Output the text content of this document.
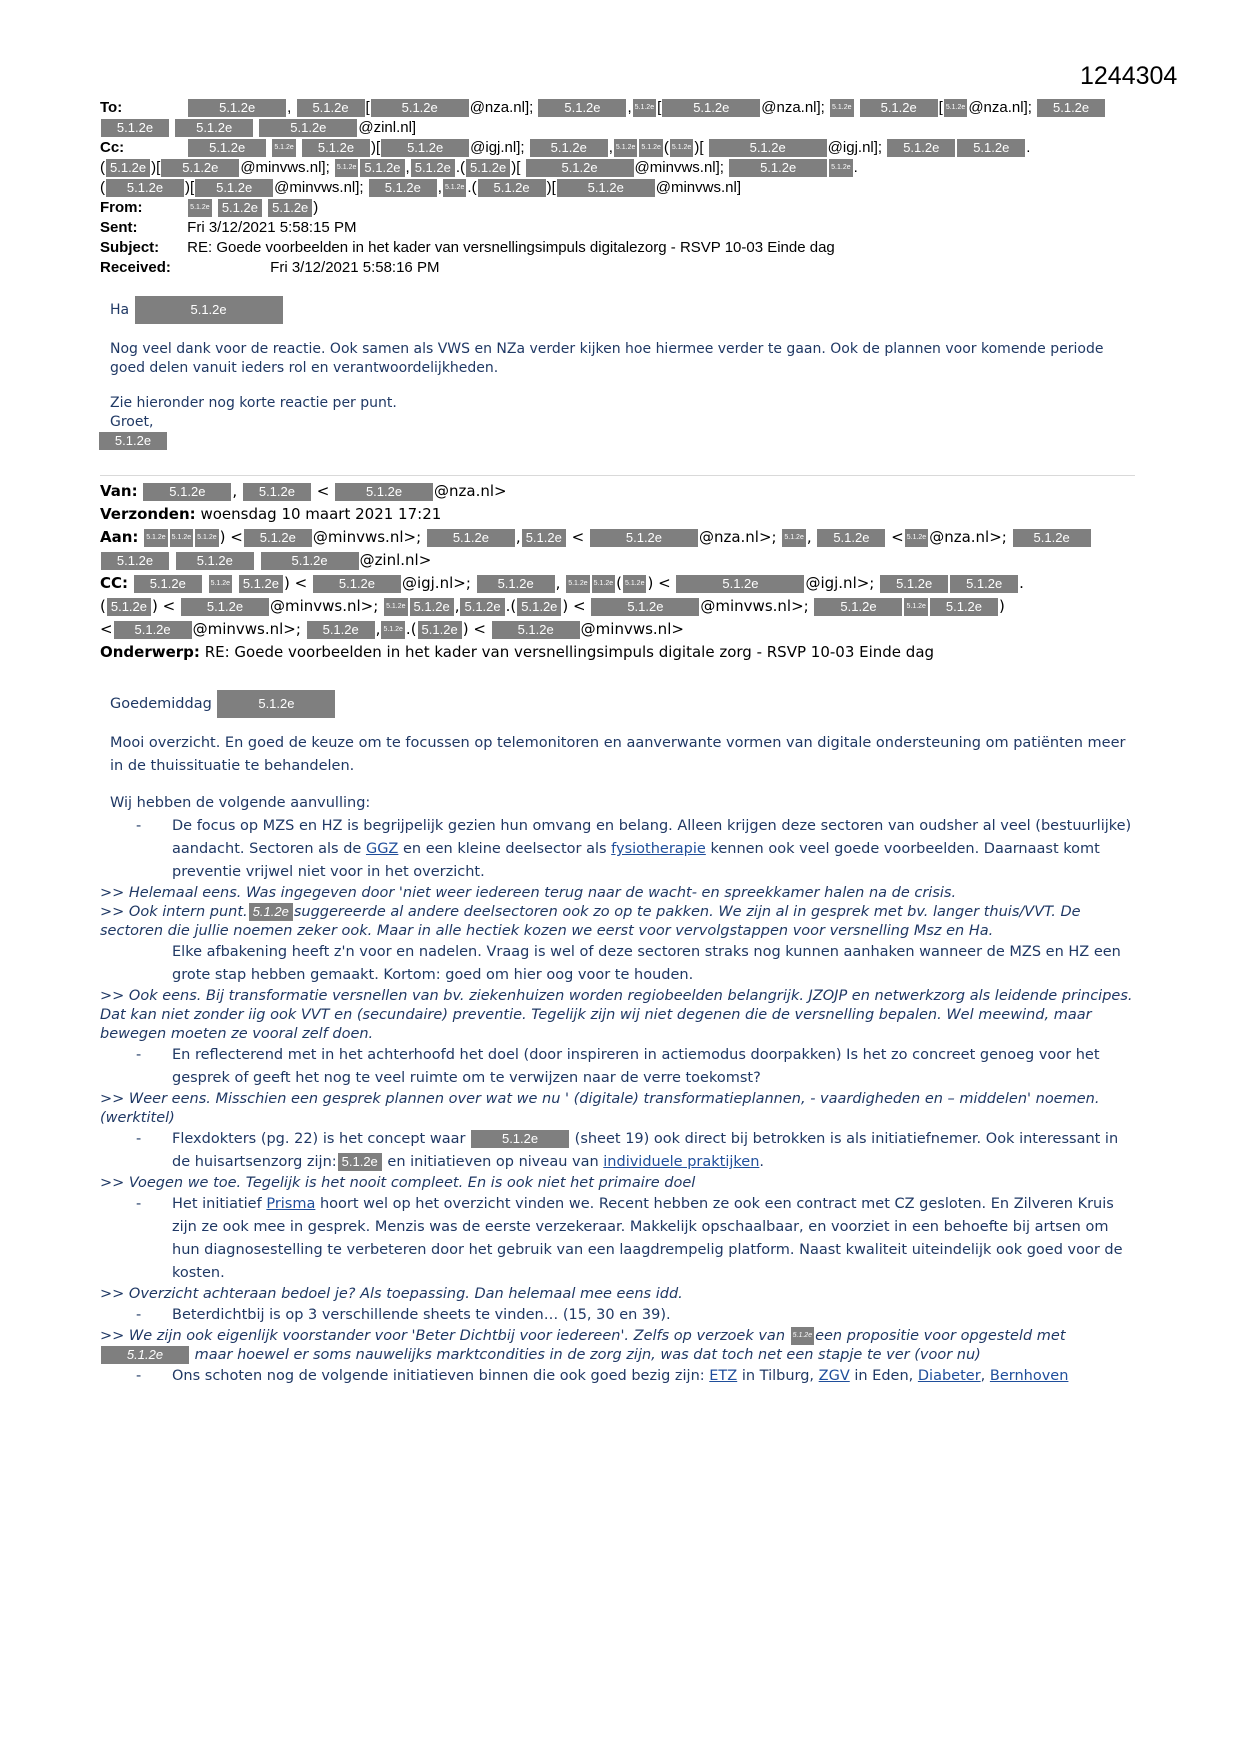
1244304
To:	5.1.2e , 5.1.2e [ 5.1.2e @nza.nl]; 5.1.2e , 5.1.2e [ 5.1.2e @nza.nl]; 5.1.2e 5.1.2e [ 5.1.2e @nza.nl]; 5.1.2e
5.1.2e	5.1.2e	5.1.2e @zinl.nl]
Cc:	5.1.2e	5.1.2e 5.1.2e )[ 5.1.2e @igj.nl]; 5.1.2e , 5.1.2e 5.1.2e ( 5.1.2e )[	5.1.2e	@igj.nl]; 5.1.2e	5.1.2e .
( 5.1.2e )[ 5.1.2e @minvws.nl]; 5.1.2e 5.1.2e , 5.1.2e .( 5.1.2e )[	5.1.2e @minvws.nl];	5.1.2e	5.1.2e .
( 5.1.2e )[ 5.1.2e @minvws.nl]; 5.1.2e , 5.1.2e .( 5.1.2e )[ 5.1.2e @minvws.nl]
From:	5.1.2e 5.1.2e 5.1.2e )
Sent:	Fri 3/12/2021 5:58:15 PM
Subject: RE: Goede voorbeelden in het kader van versnellingsimpuls digitalezorg - RSVP 10-03 Einde dag
Received:	Fri 3/12/2021 5:58:16 PM

Ha	5.1.2e

Nog veel dank voor de reactie. Ook samen als VWS en NZa verder kijken hoe hiermee verder te gaan. Ook de plannen voor komende periode goed delen vanuit ieders rol en verantwoordelijkheden.

Zie hieronder nog korte reactie per punt.

Groet,
5.1.2e
Van: 5.1.2e , 5.1.2e < 5.1.2e @nza.nl>
Verzonden: woensdag 10 maart 2021 17:21
Aan: 5.1.2e 5.1.2e 5.1.2e ) < 5.1.2e @minvws.nl>; 5.1.2e , 5.1.2e <	5.1.2e @nza.nl>; 5.1.2e , 5.1.2e < 5.1.2e @nza.nl>; 5.1.2e
5.1.2e	5.1.2e	5.1.2e @zinl.nl>
CC: 5.1.2e	5.1.2e 5.1.2e ) < 5.1.2e @igj.nl>; 5.1.2e , 5.1.2e 5.1.2e ( 5.1.2e ) <	5.1.2e	@igj.nl>; 5.1.2e	5.1.2e .
( 5.1.2e ) < 5.1.2e @minvws.nl>; 5.1.2e 5.1.2e , 5.1.2e .( 5.1.2e ) <	5.1.2e @minvws.nl>; 5.1.2e	5.1.2e 5.1.2e )
< 5.1.2e @minvws.nl>; 5.1.2e , 5.1.2e .( 5.1.2e ) < 5.1.2e @minvws.nl>
Onderwerp: RE: Goede voorbeelden in het kader van versnellingsimpuls digitale zorg - RSVP 10-03 Einde dag
Goedemiddag	5.1.2e
Mooi overzicht. En goed de keuze om te focussen op telemonitoren en aanverwante vormen van digitale ondersteuning om patiënten meer in de thuissituatie te behandelen.
Wij hebben de volgende aanvulling:
- De focus op MZS en HZ is begrijpelijk gezien hun omvang en belang. Alleen krijgen deze sectoren van oudsher al veel (bestuurlijke) aandacht. Sectoren als de GGZ en een kleine deelsector als fysiotherapie kennen ook veel goede voorbeelden. Daarnaast komt preventie vrijwel niet voor in het overzicht.
>> Helemaal eens. Was ingegeven door 'niet weer iedereen terug naar de wacht- en spreekkamer halen na de crisis.
>> Ook intern punt. 5.1.2e suggereerde al andere deelsectoren ook zo op te pakken. We zijn al in gesprek met bv. langer thuis/VVT. De sectoren die jullie noemen zeker ook. Maar in alle hectiek kozen we eerst voor vervolgstappen voor versnelling Msz en Ha.
Elke afbakening heeft z'n voor en nadelen. Vraag is wel of deze sectoren straks nog kunnen aanhaken wanneer de MZS en HZ een grote stap hebben gemaakt. Kortom: goed om hier oog voor te houden.
>> Ook eens. Bij transformatie versnellen van bv. ziekenhuizen worden regiobeelden belangrijk. JZOJP en netwerkzorg als leidende principes. Dat kan niet zonder iig ook VVT en (secundaire) preventie. Tegelijk zijn wij niet degenen die de versnelling bepalen. Wel meewind, maar bewegen moeten ze vooral zelf doen.
- En reflecterend met in het achterhoofd het doel (door inspireren in actiemodus doorpakken) Is het zo concreet genoeg voor het gesprek of geeft het nog te veel ruimte om te verwijzen naar de verre toekomst?
>> Weer eens. Misschien een gesprek plannen over wat we nu ' (digitale) transformatieplannen, - vaardigheden en – middelen' noemen. (werktitel)
- Flexdokters (pg. 22) is het concept waar	5.1.2e	(sheet 19) ook direct bij betrokken is als initiatiefnemer. Ook interessant in de huisartsenzorg zijn: 5.1.2e en initiatieven op niveau van individuele praktijken.
>> Voegen we toe. Tegelijk is het nooit compleet. En is ook niet het primaire doel
- Het initiatief Prisma hoort wel op het overzicht vinden we. Recent hebben ze ook een contract met CZ gesloten. En Zilveren Kruis zijn ze ook mee in gesprek. Menzis was de eerste verzekeraar. Makkelijk opschaalbaar, en voorziet in een behoefte bij artsen om hun diagnosestelling te verbeteren door het gebruik van een laagdrempelig platform. Naast kwaliteit uiteindelijk ook goed voor de kosten.
>> Overzicht achteraan bedoel je? Als toepassing. Dan helemaal mee eens idd.
- Beterdichtbij is op 3 verschillende sheets te vinden… (15, 30 en 39).
>> We zijn ook eigenlijk voorstander voor 'Beter Dichtbij voor iedereen'. Zelfs op verzoek van 5.1.2e een propositie voor opgesteld met 5.1.2e maar hoewel er soms nauwelijks marktcondities in de zorg zijn, was dat toch net een stapje te ver (voor nu)
- Ons schoten nog de volgende initiatieven binnen die ook goed bezig zijn: ETZ in Tilburg, ZGV in Eden, Diabeter, Bernhoven
